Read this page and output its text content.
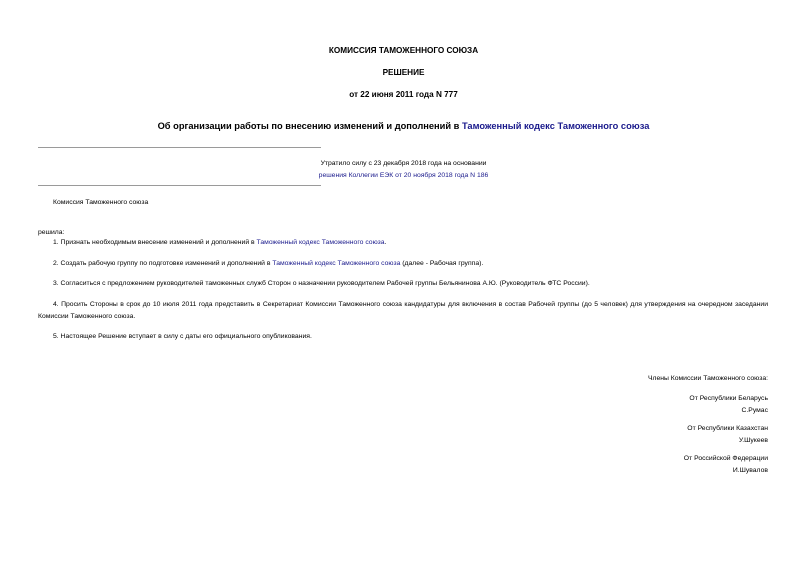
КОМИССИЯ ТАМОЖЕННОГО СОЮЗА
РЕШЕНИЕ
от 22 июня 2011 года N 777
Об организации работы по внесению изменений и дополнений в Таможенный кодекс Таможенного союза
Утратило силу с 23 декабря 2018 года на основании
решения Коллегии ЕЭК от 20 ноября 2018 года N 186
Комиссия Таможенного союза
решила:
1. Признать необходимым внесение изменений и дополнений в Таможенный кодекс Таможенного союза.
2. Создать рабочую группу по подготовке изменений и дополнений в Таможенный кодекс Таможенного союза (далее - Рабочая группа).
3. Согласиться с предложением руководителей таможенных служб Сторон о назначении руководителем Рабочей группы Бельянинова А.Ю. (Руководитель ФТС России).
4. Просить Стороны в срок до 10 июля 2011 года представить в Секретариат Комиссии Таможенного союза кандидатуры для включения в состав Рабочей группы (до 5 человек) для утверждения на очередном заседании Комиссии Таможенного союза.
5. Настоящее Решение вступает в силу с даты его официального опубликования.
Члены Комиссии Таможенного союза:
От Республики Беларусь
С.Румас
От Республики Казахстан
У.Шукеев
От Российской Федерации
И.Шувалов
